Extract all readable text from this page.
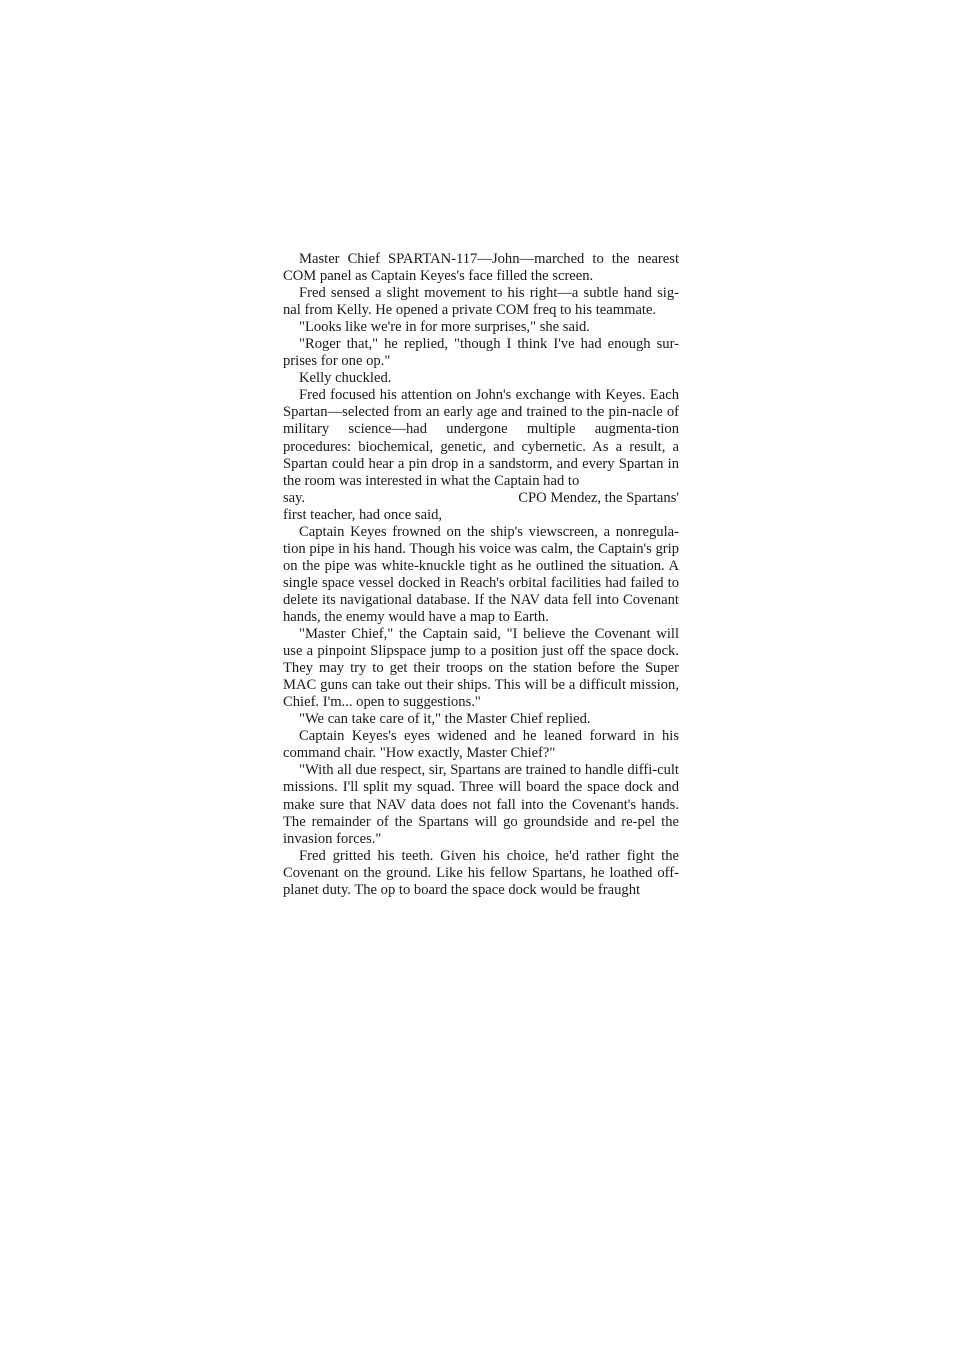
Master Chief SPARTAN-117—John—marched to the nearest COM panel as Captain Keyes's face filled the screen.

Fred sensed a slight movement to his right—a subtle hand sig-nal from Kelly. He opened a private COM freq to his teammate.

"Looks like we're in for more surprises," she said.

"Roger that," he replied, "though I think I've had enough sur-prises for one op."

Kelly chuckled.

Fred focused his attention on John's exchange with Keyes. Each Spartan—selected from an early age and trained to the pin-nacle of military science—had undergone multiple augmenta-tion procedures: biochemical, genetic, and cybernetic. As a result, a Spartan could hear a pin drop in a sandstorm, and every Spartan in the room was interested in what the Captain had to

say.	CPO Mendez, the Spartans'

first teacher, had once said,

Captain Keyes frowned on the ship's viewscreen, a nonregula-tion pipe in his hand. Though his voice was calm, the Captain's grip on the pipe was white-knuckle tight as he outlined the situation. A single space vessel docked in Reach's orbital facilities had failed to delete its navigational database. If the NAV data fell into Covenant hands, the enemy would have a map to Earth.

"Master Chief," the Captain said, "I believe the Covenant will use a pinpoint Slipspace jump to a position just off the space dock. They may try to get their troops on the station before the Super MAC guns can take out their ships. This will be a difficult mission, Chief. I'm... open to suggestions."

"We can take care of it," the Master Chief replied.

Captain Keyes's eyes widened and he leaned forward in his command chair. "How exactly, Master Chief?"

"With all due respect, sir, Spartans are trained to handle diffi-cult missions. I'll split my squad. Three will board the space dock and make sure that NAV data does not fall into the Covenant's hands. The remainder of the Spartans will go groundside and re-pel the invasion forces."

Fred gritted his teeth. Given his choice, he'd rather fight the Covenant on the ground. Like his fellow Spartans, he loathed off-planet duty. The op to board the space dock would be fraught
